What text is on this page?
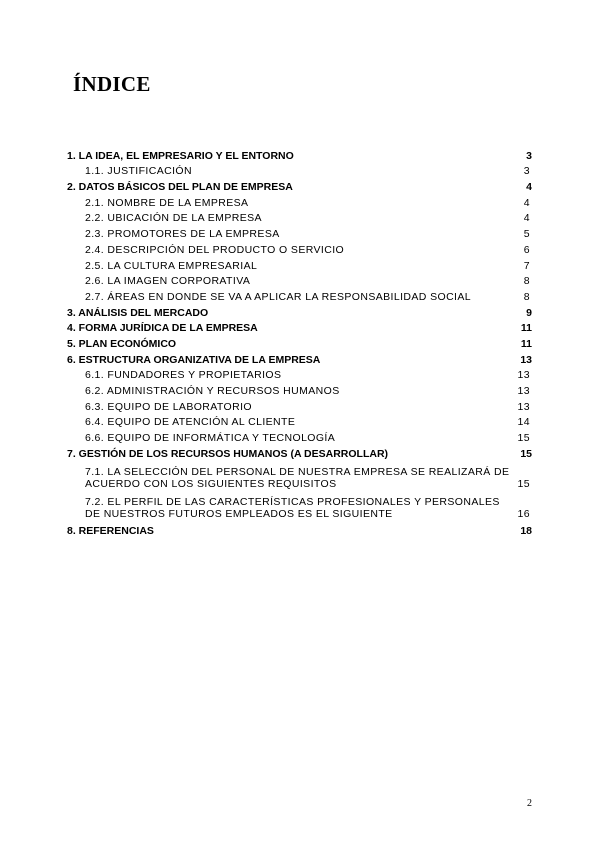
ÍNDICE
1. LA IDEA, EL EMPRESARIO Y EL ENTORNO	3
1.1. JUSTIFICACIÓN	3
2. DATOS BÁSICOS DEL PLAN DE EMPRESA	4
2.1. NOMBRE DE LA EMPRESA	4
2.2. UBICACIÓN DE LA EMPRESA	4
2.3. PROMOTORES DE LA EMPRESA	5
2.4. DESCRIPCIÓN DEL PRODUCTO O SERVICIO	6
2.5. LA CULTURA EMPRESARIAL	7
2.6. LA IMAGEN CORPORATIVA	8
2.7. ÁREAS EN DONDE SE VA A APLICAR LA RESPONSABILIDAD SOCIAL	8
3. ANÁLISIS DEL MERCADO	9
4. FORMA JURÍDICA DE LA EMPRESA	11
5. PLAN ECONÓMICO	11
6. ESTRUCTURA ORGANIZATIVA DE LA EMPRESA	13
6.1. FUNDADORES Y PROPIETARIOS	13
6.2. ADMINISTRACIÓN Y RECURSOS HUMANOS	13
6.3. EQUIPO DE LABORATORIO	13
6.4. EQUIPO DE ATENCIÓN AL CLIENTE	14
6.6. EQUIPO DE INFORMÁTICA Y TECNOLOGÍA	15
7. GESTIÓN DE LOS RECURSOS HUMANOS (A DESARROLLAR)	15
7.1. LA SELECCIÓN DEL PERSONAL DE NUESTRA EMPRESA SE REALIZARÁ DE ACUERDO CON LOS SIGUIENTES REQUISITOS	15
7.2. EL PERFIL DE LAS CARACTERÍSTICAS PROFESIONALES Y PERSONALES DE NUESTROS FUTUROS EMPLEADOS ES EL SIGUIENTE	16
8. REFERENCIAS	18
2
